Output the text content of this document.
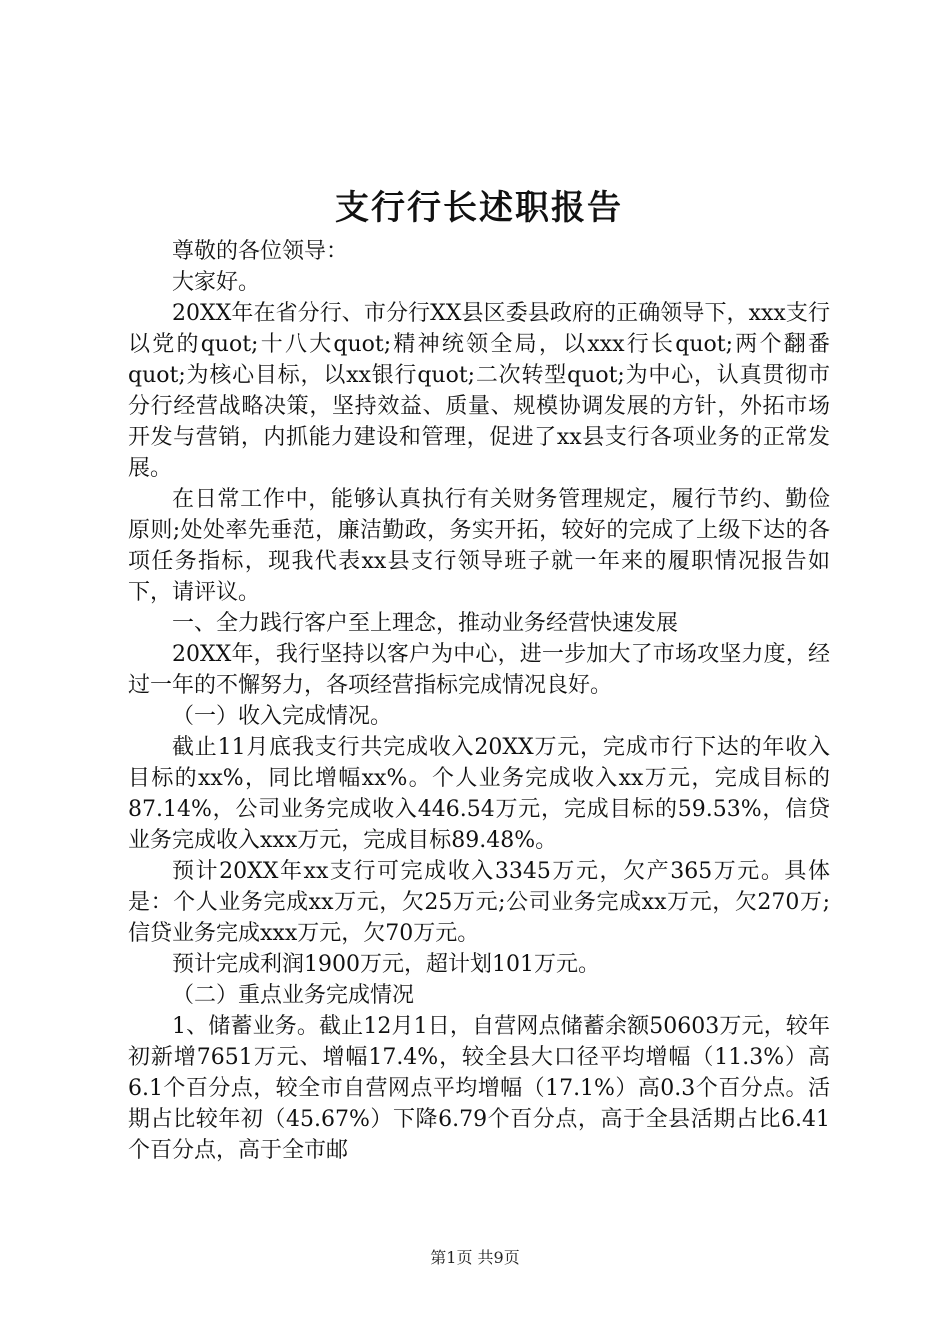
支行行长述职报告

尊敬的各位领导：

大家好。

20XX年在省分行、市分行XX县区委县政府的正确领导下，xxx支行以党的quot;十八大quot;精神统领全局，以xxx行长quot;两个翻番quot;为核心目标，以xx银行quot;二次转型quot;为中心，认真贯彻市分行经营战略决策，坚持效益、质量、规模协调发展的方针，外拓市场开发与营销，内抓能力建设和管理，促进了xx县支行各项业务的正常发展。

在日常工作中，能够认真执行有关财务管理规定，履行节约、勤俭原则;处处率先垂范，廉洁勤政，务实开拓，较好的完成了上级下达的各项任务指标，现我代表xx县支行领导班子就一年来的履职情况报告如下，请评议。

一、全力践行客户至上理念，推动业务经营快速发展

20XX年，我行坚持以客户为中心，进一步加大了市场攻坚力度，经过一年的不懈努力，各项经营指标完成情况良好。

（一）收入完成情况。

截止11月底我支行共完成收入20XX万元，完成市行下达的年收入目标的xx%，同比增幅xx%。个人业务完成收入xx万元，完成目标的87.14%，公司业务完成收入446.54万元，完成目标的59.53%，信贷业务完成收入xxx万元，完成目标89.48%。

预计20XX年xx支行可完成收入3345万元，欠产365万元。具体是：个人业务完成xx万元，欠25万元;公司业务完成xx万元，欠270万;信贷业务完成xxx万元，欠70万元。

预计完成利润1900万元，超计划101万元。

（二）重点业务完成情况

1、储蓄业务。截止12月1日，自营网点储蓄余额50603万元，较年初新增7651万元、增幅17.4%，较全县大口径平均增幅（11.3%）高6.1个百分点，较全市自营网点平均增幅（17.1%）高0.3个百分点。活期占比较年初（45.67%）下降6.79个百分点，高于全县活期占比6.41个百分点，高于全市邮

第1页 共9页
